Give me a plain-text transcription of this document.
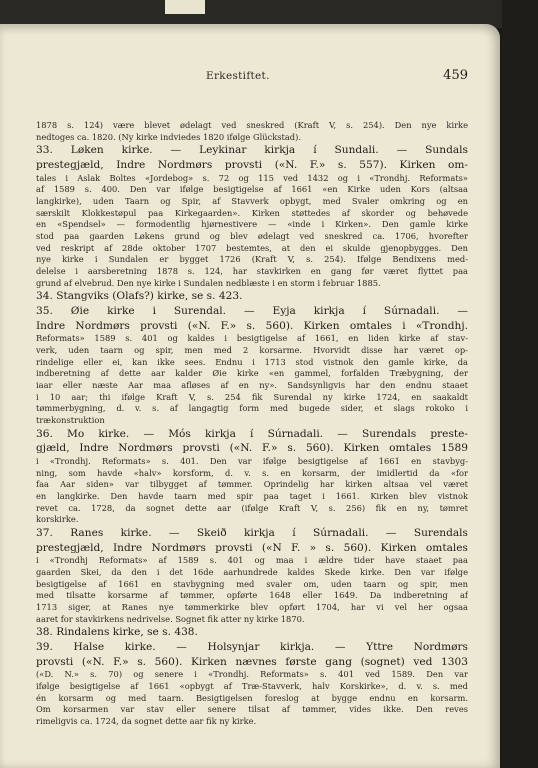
Erkestiftet.	459
1878 s. 124) være blevet ødelagt ved sneskred (Kraft V, s. 254). Den nye kirke
nedtoges ca. 1820. (Ny kirke indviedes 1820 ifølge Glückstad).
33. Løken kirke. — Leykinar kirkja í Sundali. — Sundals
prestegjæld, Indre Nordmørs provsti («N. F.» s. 557). Kirken om-
tales i Aslak Boltes «Jordebog» s. 72 og 115 ved 1432 og i «Trondhj. Reformats»
af 1589 s. 400. Den var ifølge besigtigelse af 1661 «en Kirke uden Kors (altsaa
langkirke), uden Taarn og Spir, af Stavverk opbygt, med Svaler omkring og en
særskilt Klokkestøpul paa Kirkegaarden». Kirken støttedes af skorder og behøvede
en «Spendsel» — formodentlig hjørnestivere — «inde i Kirken». Den gamle kirke
stod paa gaarden Løkens grund og blev ødelagt ved sneskred ca. 1706, hvorefter
ved reskript af 28de oktober 1707 bestemtes, at den ei skulde gjenopbygges. Den
nye kirke i Sundalen er bygget 1726 (Kraft V, s. 254). Ifølge Bendixens med-
delelse i aarsberetning 1878 s. 124, har stavkirken en gang før været flyttet paa
grund af elvebrud. Den nye kirke i Sundalen nedblæste i en storm i februar 1885.
34. Stangviks (Olafs?) kirke, se s. 423.
35. Øie kirke i Surendal. — Eyja kirkja í Súrnadali. —
Indre Nordmørs provsti («N. F.» s. 560). Kirken omtales i «Trondhj.
Reformats» 1589 s. 401 og kaldes i besigtigelse af 1661, en liden kirke af stav-
verk, uden taarn og spir, men med 2 korsarme. Hvorvidt disse har været op-
rindelige eller ei, kan ikke sees. Endnu i 1713 stod vistnok den gamle kirke, da
indberetning af dette aar kalder Øie kirke «en gammel, forfalden Træbygning, der
iaar eller næste Aar maa afløses af en ny». Sandsynligvis har den endnu staaet
i 10 aar; thi ifølge Kraft V, s. 254 fik Surendal ny kirke 1724, en saakaldt
tømmerbygning, d. v. s. af langagtig form med bugede sider, et slags rokoko i
trækonstruktion
36. Mo kirke. — Mós kirkja í Súrnadali. — Surendals preste-
gjæld, Indre Nordmørs provsti («N. F.» s. 560). Kirken omtales 1589
i «Trondhj. Reformats» s. 401. Den var ifølge besigtigelse af 1661 en stavbyg-
ning, som havde «halv» korsform, d. v. s. en korsarm, der imidlertid da «for
faa Aar siden» var tilbygget af tømmer. Oprindelig har kirken altsaa vel været
en langkirke. Den havde taarn med spir paa taget i 1661. Kirken blev vistnok
revet ca. 1728, da sognet dette aar (ifølge Kraft V, s. 256) fik en ny, tømret
korskirke.
37. Ranes kirke. — Skeið kirkja í Súrnadali. — Surendals
prestegjæld, Indre Nordmørs provsti («N F. » s. 560). Kirken omtales
i «Trondhj Reformats» af 1589 s. 401 og maa i ældre tider have staaet paa
gaarden Skei, da den i det 16de aarhundrede kaldes Skede kirke. Den var ifølge
besigtigelse af 1661 en stavbygning med svaler om, uden taarn og spir, men
med tilsatte korsarme af tømmer, opførte 1648 eller 1649. Da indberetning af
1713 siger, at Ranes nye tømmerkirke blev opført 1704, har vi vel her ogsaa
aaret for stavkirkens nedrivelse. Sognet fik atter ny kirke 1870.
38. Rindalens kirke, se s. 438.
39. Halse kirke. — Holsynjar kirkja. — Yttre Nordmørs
provsti («N. F.» s. 560). Kirken nævnes første gang (sognet) ved 1303
(«D. N.» s. 70) og senere i «Trondhj. Reformats» s. 401 ved 1589. Den var
ifølge besigtigelse af 1661 «opbygt af Træ-Stavverk, halv Korskirke», d. v. s. med
én korsarm og med taarn. Besigtigelsen foreslog at bygge endnu en korsarm.
Om korsarmen var stav eller senere tilsat af tømmer, vides ikke. Den reves
rimeligvis ca. 1724, da sognet dette aar fik ny kirke.
